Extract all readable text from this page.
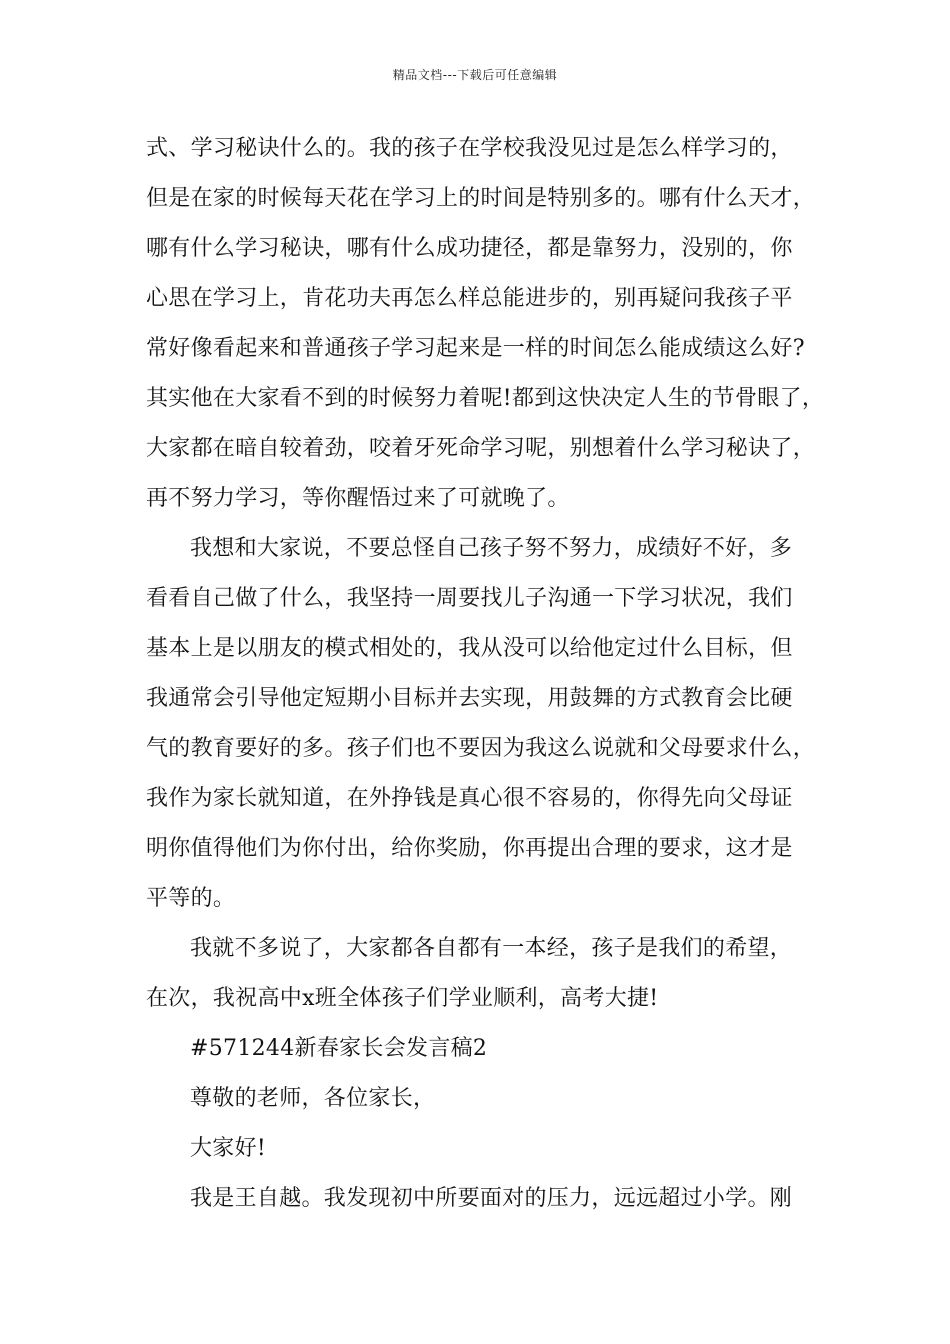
精品文档---下载后可任意编辑
式、学习秘诀什么的。我的孩子在学校我没见过是怎么样学习的，
但是在家的时候每天花在学习上的时间是特别多的。哪有什么天才，
哪有什么学习秘诀，哪有什么成功捷径，都是靠努力，没别的，你
心思在学习上，肯花功夫再怎么样总能进步的，别再疑问我孩子平
常好像看起来和普通孩子学习起来是一样的时间怎么能成绩这么好?
其实他在大家看不到的时候努力着呢!都到这快决定人生的节骨眼了，
大家都在暗自较着劲，咬着牙死命学习呢，别想着什么学习秘诀了，
再不努力学习，等你醒悟过来了可就晚了。
我想和大家说，不要总怪自己孩子努不努力，成绩好不好，多
看看自己做了什么，我坚持一周要找儿子沟通一下学习状况，我们
基本上是以朋友的模式相处的，我从没可以给他定过什么目标，但
我通常会引导他定短期小目标并去实现，用鼓舞的方式教育会比硬
气的教育要好的多。孩子们也不要因为我这么说就和父母要求什么，
我作为家长就知道，在外挣钱是真心很不容易的，你得先向父母证
明你值得他们为你付出，给你奖励，你再提出合理的要求，这才是
平等的。
我就不多说了，大家都各自都有一本经，孩子是我们的希望，
在次，我祝高中x班全体孩子们学业顺利，高考大捷!
#571244新春家长会发言稿2
尊敬的老师，各位家长，
大家好!
我是王自越。我发现初中所要面对的压力，远远超过小学。刚
